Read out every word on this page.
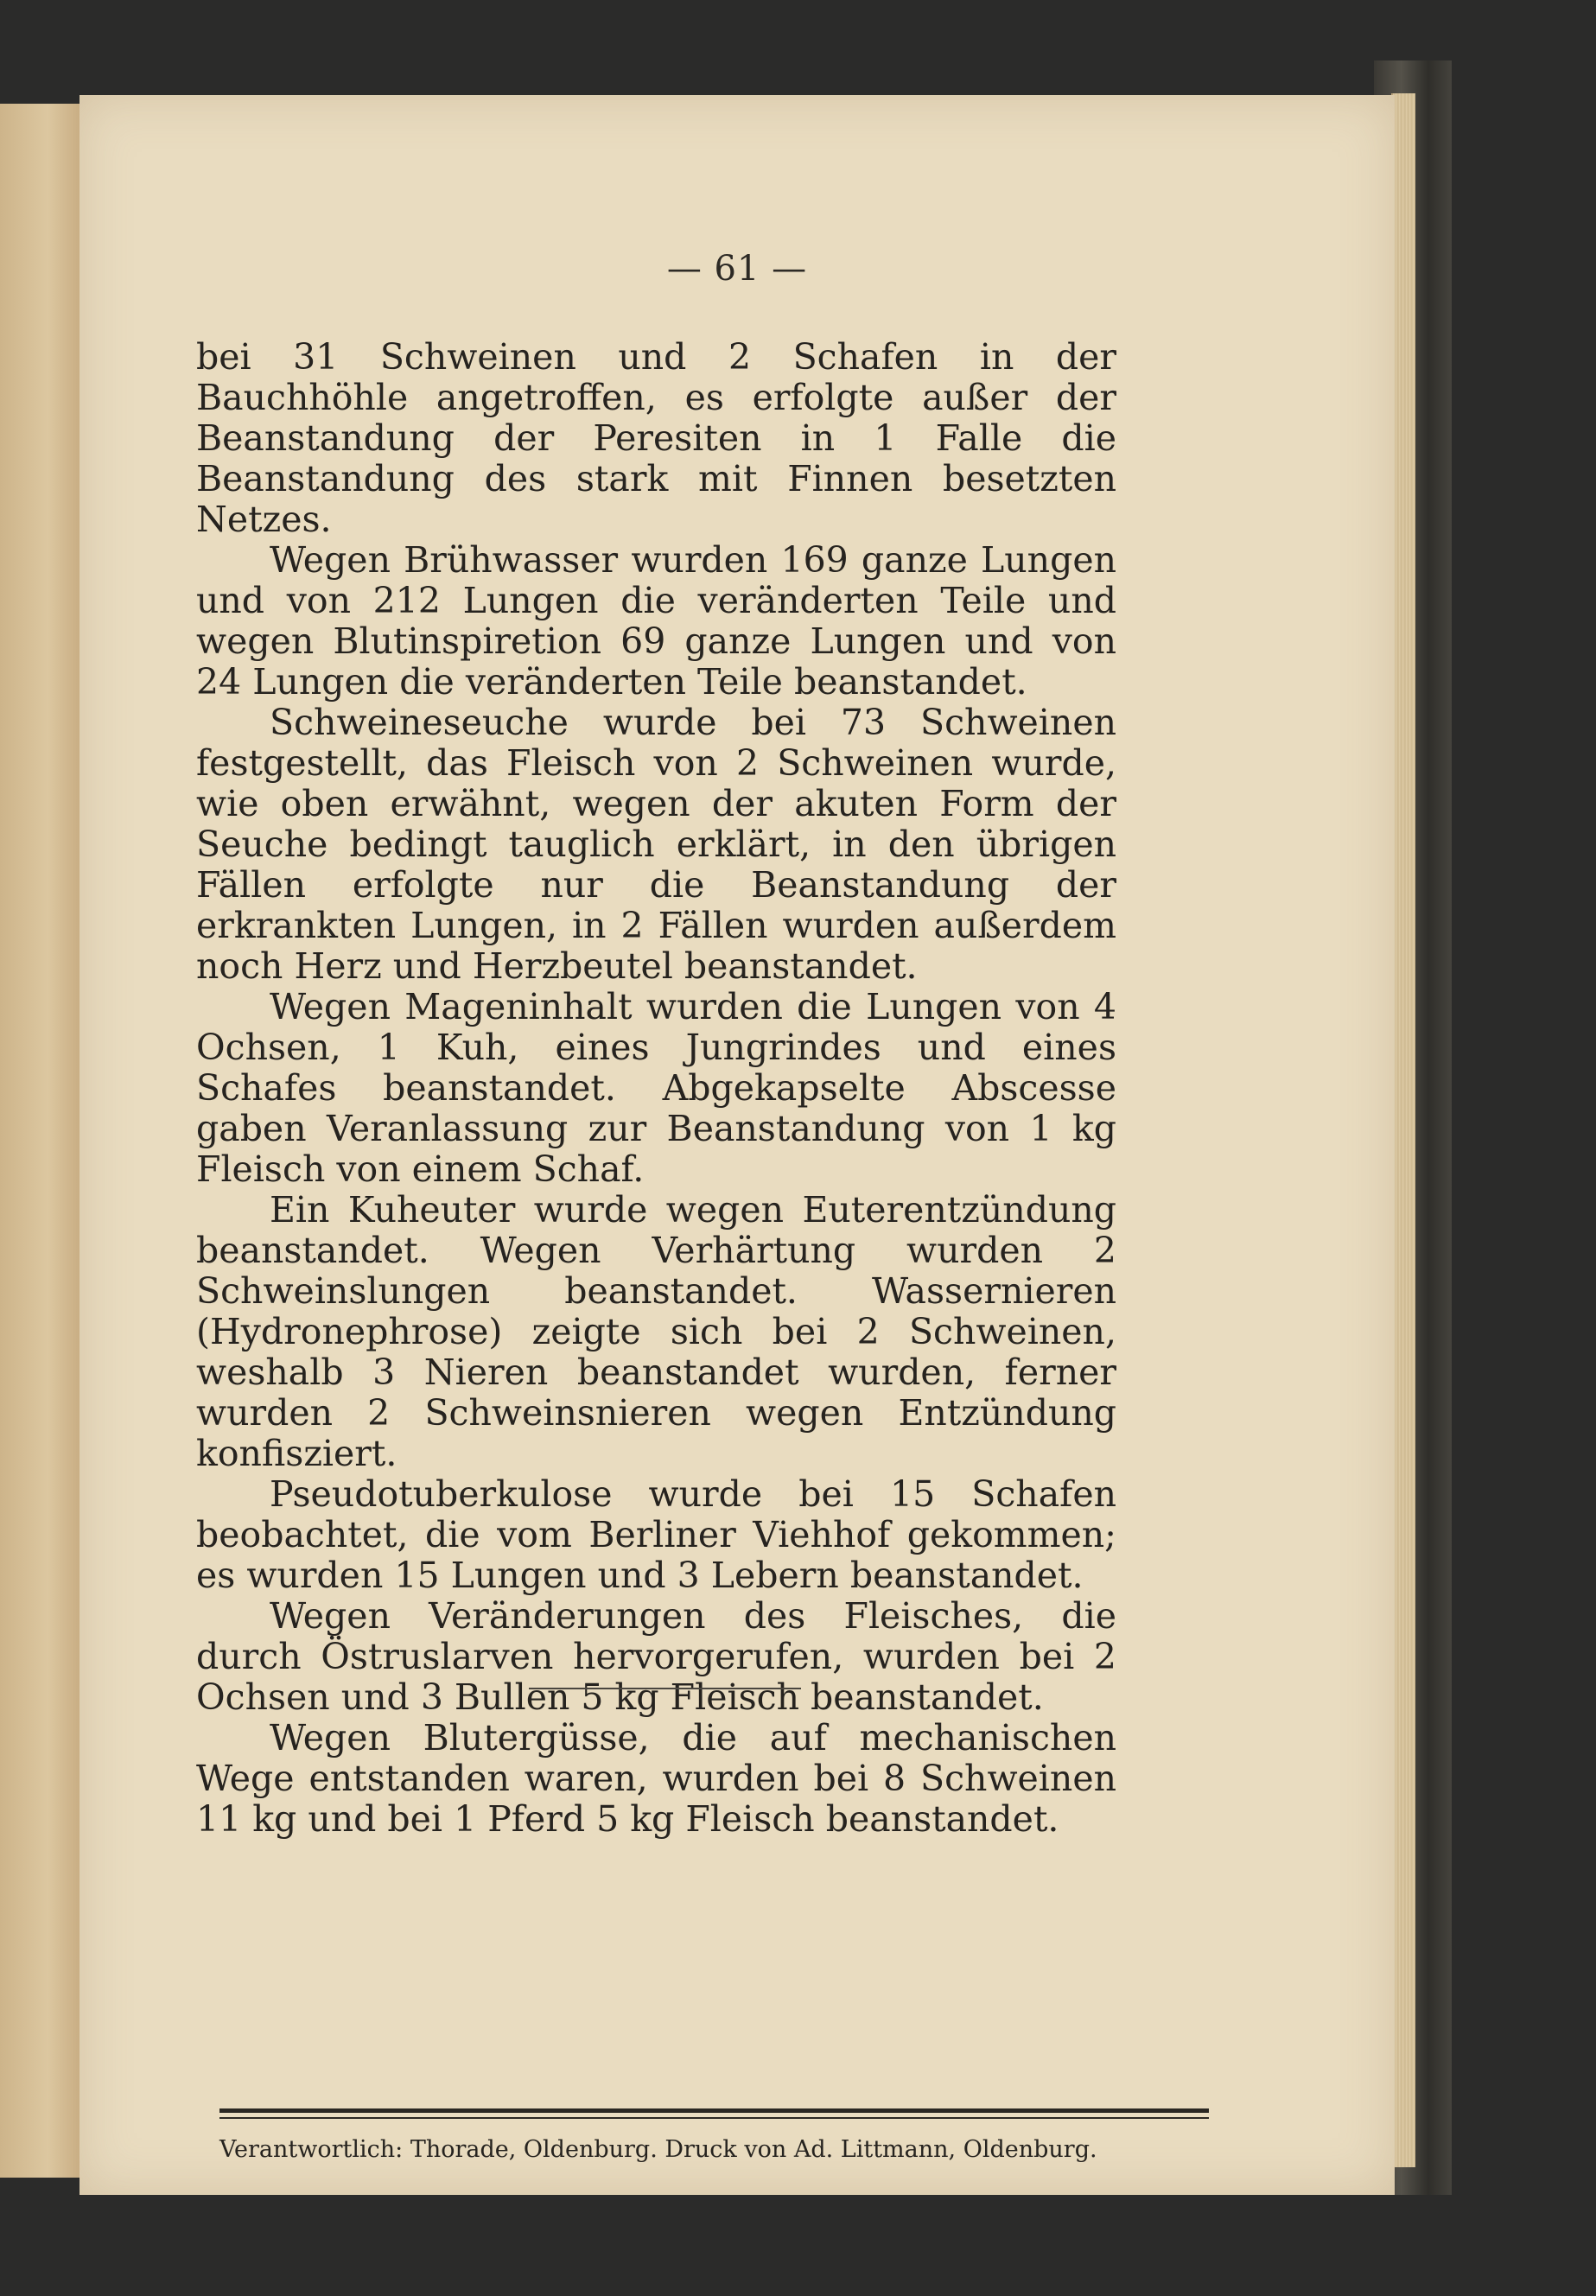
— 61 —

bei 31 Schweinen und 2 Schafen in der Bauchhöhle angetroffen, es erfolgte außer der Beanstandung der Peresiten in 1 Falle die Beanstandung des stark mit Finnen besetzten Netzes.

Wegen Brühwasser wurden 169 ganze Lungen und von 212 Lungen die veränderten Teile und wegen Blutinspiretion 69 ganze Lungen und von 24 Lungen die veränderten Teile beanstandet.

Schweineseuche wurde bei 73 Schweinen festgestellt, das Fleisch von 2 Schweinen wurde, wie oben erwähnt, wegen der akuten Form der Seuche bedingt tauglich erklärt, in den übrigen Fällen erfolgte nur die Beanstandung der erkrankten Lungen, in 2 Fällen wurden außerdem noch Herz und Herzbeutel beanstandet.

Wegen Mageninhalt wurden die Lungen von 4 Ochsen, 1 Kuh, eines Jungrindes und eines Schafes beanstandet. Abgekapselte Abscesse gaben Veranlassung zur Beanstandung von 1 kg Fleisch von einem Schaf.

Ein Kuheuter wurde wegen Euterentzündung beanstandet. Wegen Verhärtung wurden 2 Schweinslungen beanstandet. Wassernieren (Hydronephrose) zeigte sich bei 2 Schweinen, weshalb 3 Nieren beanstandet wurden, ferner wurden 2 Schweinsnieren wegen Entzündung konfisziert.

Pseudotuberkulose wurde bei 15 Schafen beobachtet, die vom Berliner Viehhof gekommen; es wurden 15 Lungen und 3 Lebern beanstandet.

Wegen Veränderungen des Fleisches, die durch Östruslarven hervorgerufen, wurden bei 2 Ochsen und 3 Bullen 5 kg Fleisch beanstandet.

Wegen Blutergüsse, die auf mechanischen Wege entstanden waren, wurden bei 8 Schweinen 11 kg und bei 1 Pferd 5 kg Fleisch beanstandet.

Verantwortlich: Thorade, Oldenburg. Druck von Ad. Littmann, Oldenburg.
